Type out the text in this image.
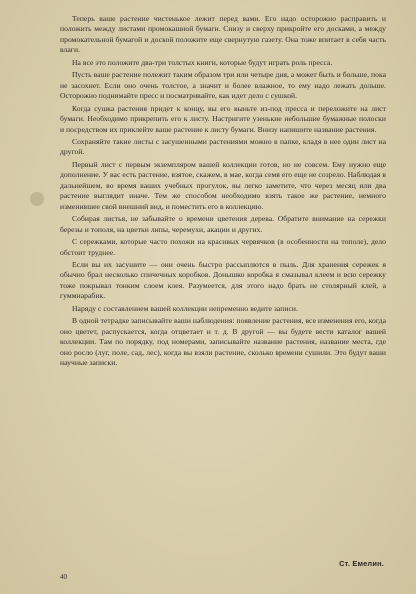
Теперь ваше растение чистенькое лежит перед вами. Его надо осторожно расправить и положить между листами промокашной бумаги. Снизу и сверху прикройте его досками, а между промокательной бумагой и доской положите еще свернутую газету. Она тоже впитает в себя часть влаги.

На все это положите два-три толстых книги, которые будут играть роль пресса.

Пусть ваше растение полежит таким образом три или четыре дня, а может быть и больше, пока не засохнет. Если оно очень толстое, а значит и более влажное, то ему надо лежать дольше. Осторожно поднимайте пресс и посматривайте, как идет дело с сушкой.

Когда сушка растения придет к концу, вы его выньте из-под пресса и переложите на лист бумаги. Необходимо прикрепить его к листу. Настригите узенькие небольшие бумажные полоски и посредством их приклейте ваше растение к листу бумаги. Внизу напишите название растения.

Сохраняйте такие листы с засушенными растениями можно в папке, кладя в нее один лист на другой.

Первый лист с первым экземпляром вашей коллекции готов, но не совсем. Ему нужно еще дополнение. У вас есть растение, взятое, скажем, в мае, когда семя его еще не созрело. Наблюдая в дальнейшем, во время ваших учебных прогулок, вы легко заметите, что через месяц или два растение выглядит иначе. Тем же способом необходимо взять такое же растение, немного изменившее свой внешний вид, и поместить его в коллекцию.

Собирая листья, не забывайте о времени цветения дерева. Обратите внимание на сережки березы и тополя, на цветки липы, черемухи, акации и других.

С сережками, которые часто похожи на красивых червячков (в особенности на тополе), дело обстоит труднее.

Если вы их засушите — они очень быстро рассыплются в пыль. Для хранения сережек я обычно брал несколько спичечных коробков. Донышко коробка я смазывал клеем и всю сережку тоже покрывал тонким слоем клея. Разумеется, для этого надо брать не столярный клей, а гуммиарабик.

Наряду с составлением вашей коллекции непременно ведите записи.

В одной тетрадке записывайте ваши наблюдения: появление растения, все изменения его, когда оно цветет, распускается, когда отцветает и т. д. В другой — вы будете вести каталог вашей коллекции. Там по порядку, под номерами, записывайте название растения, название места, где оно росло (луг, поле, сад, лес), когда вы взяли растение, сколько времени сушили. Это будут ваши научные записки.

Ст. Емелин.
40
